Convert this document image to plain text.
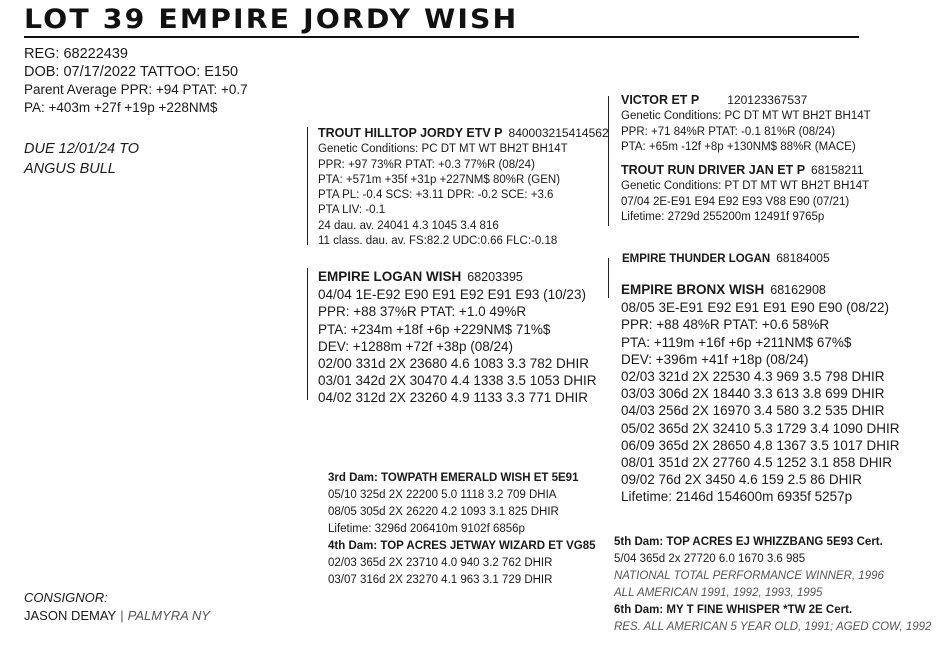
LOT 39 EMPIRE JORDY WISH
REG: 68222439
DOB: 07/17/2022 TATTOO: E150
Parent Average PPR: +94 PTAT: +0.7
PA: +403m +27f +19p +228NM$
DUE 12/01/24 TO
ANGUS BULL
TROUT HILLTOP JORDY ETV P 840003215414562
Genetic Conditions: PC DT MT WT BH2T BH14T
PPR: +97 73%R PTAT: +0.3 77%R (08/24)
PTA: +571m +35f +31p +227NM$ 80%R (GEN)
PTA PL: -0.4 SCS: +3.11 DPR: -0.2 SCE: +3.6
PTA LIV: -0.1
24 dau. av. 24041 4.3 1045 3.4 816
11 class. dau. av. FS:82.2 UDC:0.66 FLC:-0.18
VICTOR ET P 120123367537
Genetic Conditions: PC DT MT WT BH2T BH14T
PPR: +71 84%R PTAT: -0.1 81%R (08/24)
PTA: +65m -12f +8p +130NM$ 88%R (MACE)
TROUT RUN DRIVER JAN ET P 68158211
Genetic Conditions: PT DT MT WT BH2T BH14T
07/04 2E-E91 E94 E92 E93 V88 E90 (07/21)
Lifetime: 2729d 255200m 12491f 9765p
EMPIRE LOGAN WISH 68203395
04/04 1E-E92 E90 E91 E92 E91 E93 (10/23)
PPR: +88 37%R PTAT: +1.0 49%R
PTA: +234m +18f +6p +229NM$ 71%$
DEV: +1288m +72f +38p (08/24)
02/00 331d 2X 23680 4.6 1083 3.3 782 DHIR
03/01 342d 2X 30470 4.4 1338 3.5 1053 DHIR
04/02 312d 2X 23260 4.9 1133 3.3 771 DHIR
EMPIRE THUNDER LOGAN 68184005
EMPIRE BRONX WISH 68162908
08/05 3E-E91 E92 E91 E91 E90 E90 (08/22)
PPR: +88 48%R PTAT: +0.6 58%R
PTA: +119m +16f +6p +211NM$ 67%$
DEV: +396m +41f +18p (08/24)
02/03 321d 2X 22530 4.3 969 3.5 798 DHIR
03/03 306d 2X 18440 3.3 613 3.8 699 DHIR
04/03 256d 2X 16970 3.4 580 3.2 535 DHIR
05/02 365d 2X 32410 5.3 1729 3.4 1090 DHIR
06/09 365d 2X 28650 4.8 1367 3.5 1017 DHIR
08/01 351d 2X 27760 4.5 1252 3.1 858 DHIR
09/02 76d 2X 3450 4.6 159 2.5 86 DHIR
Lifetime: 2146d 154600m 6935f 5257p
3rd Dam: TOWPATH EMERALD WISH ET 5E91
05/10 325d 2X 22200 5.0 1118 3.2 709 DHIA
08/05 305d 2X 26220 4.2 1093 3.1 825 DHIR
Lifetime: 3296d 206410m 9102f 6856p
4th Dam: TOP ACRES JETWAY WIZARD ET VG85
02/03 365d 2X 23710 4.0 940 3.2 762 DHIR
03/07 316d 2X 23270 4.1 963 3.1 729 DHIR
5th Dam: TOP ACRES EJ WHIZZBANG 5E93 Cert.
5/04 365d 2x 27720 6.0 1670 3.6 985
NATIONAL TOTAL PERFORMANCE WINNER, 1996
ALL AMERICAN 1991, 1992, 1993, 1995
6th Dam: MY T FINE WHISPER *TW 2E Cert.
RES. ALL AMERICAN 5 YEAR OLD, 1991; AGED COW, 1992
CONSIGNOR:
JASON DEMAY | PALMYRA NY
